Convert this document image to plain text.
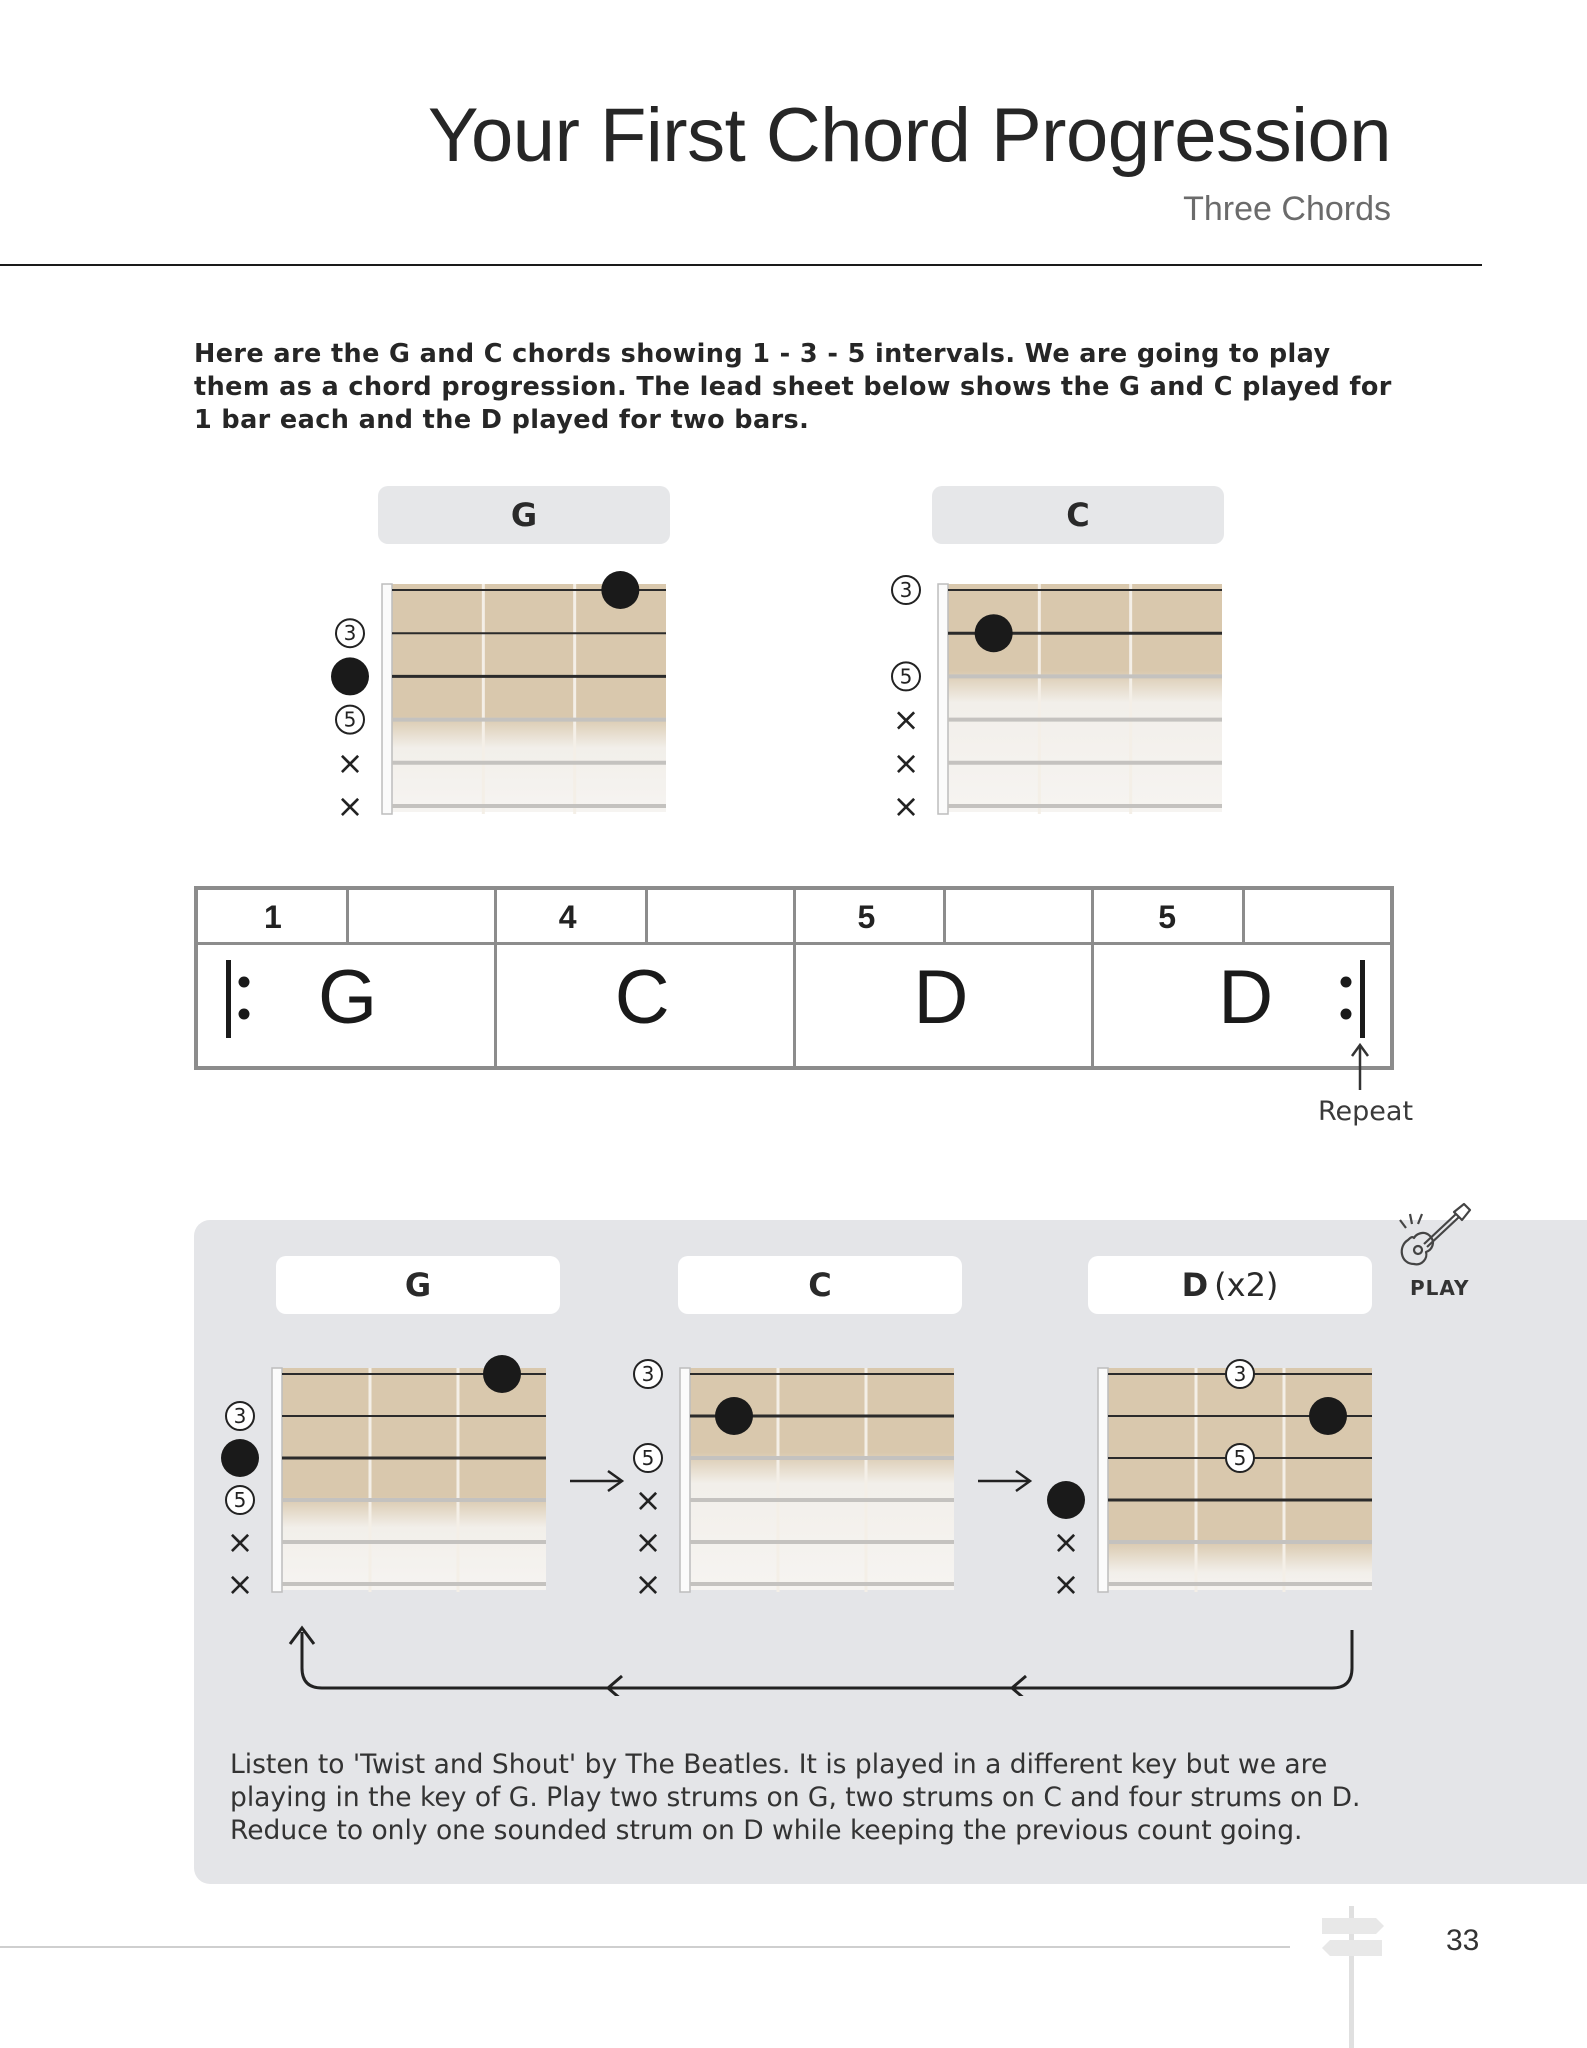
Your First Chord Progression
Three Chords
Here are the G and C chords showing 1 - 3 - 5 intervals. We are going to play them as a chord progression. The lead sheet below shows the G and C played for 1 bar each and the D played for two bars.
G
3
5
×
×
C
3
5
×
×
×
1
G
4
C
5
D
5
D
Repeat
PLAY
G	C	D (x2)
3
5
×
×
3
5
×
×
×
3
5
×
×
Listen to 'Twist and Shout' by The Beatles. It is played in a different key but we are playing in the key of G. Play two strums on G, two strums on C and four strums on D. Reduce to only one sounded strum on D while keeping the previous count going.
33
